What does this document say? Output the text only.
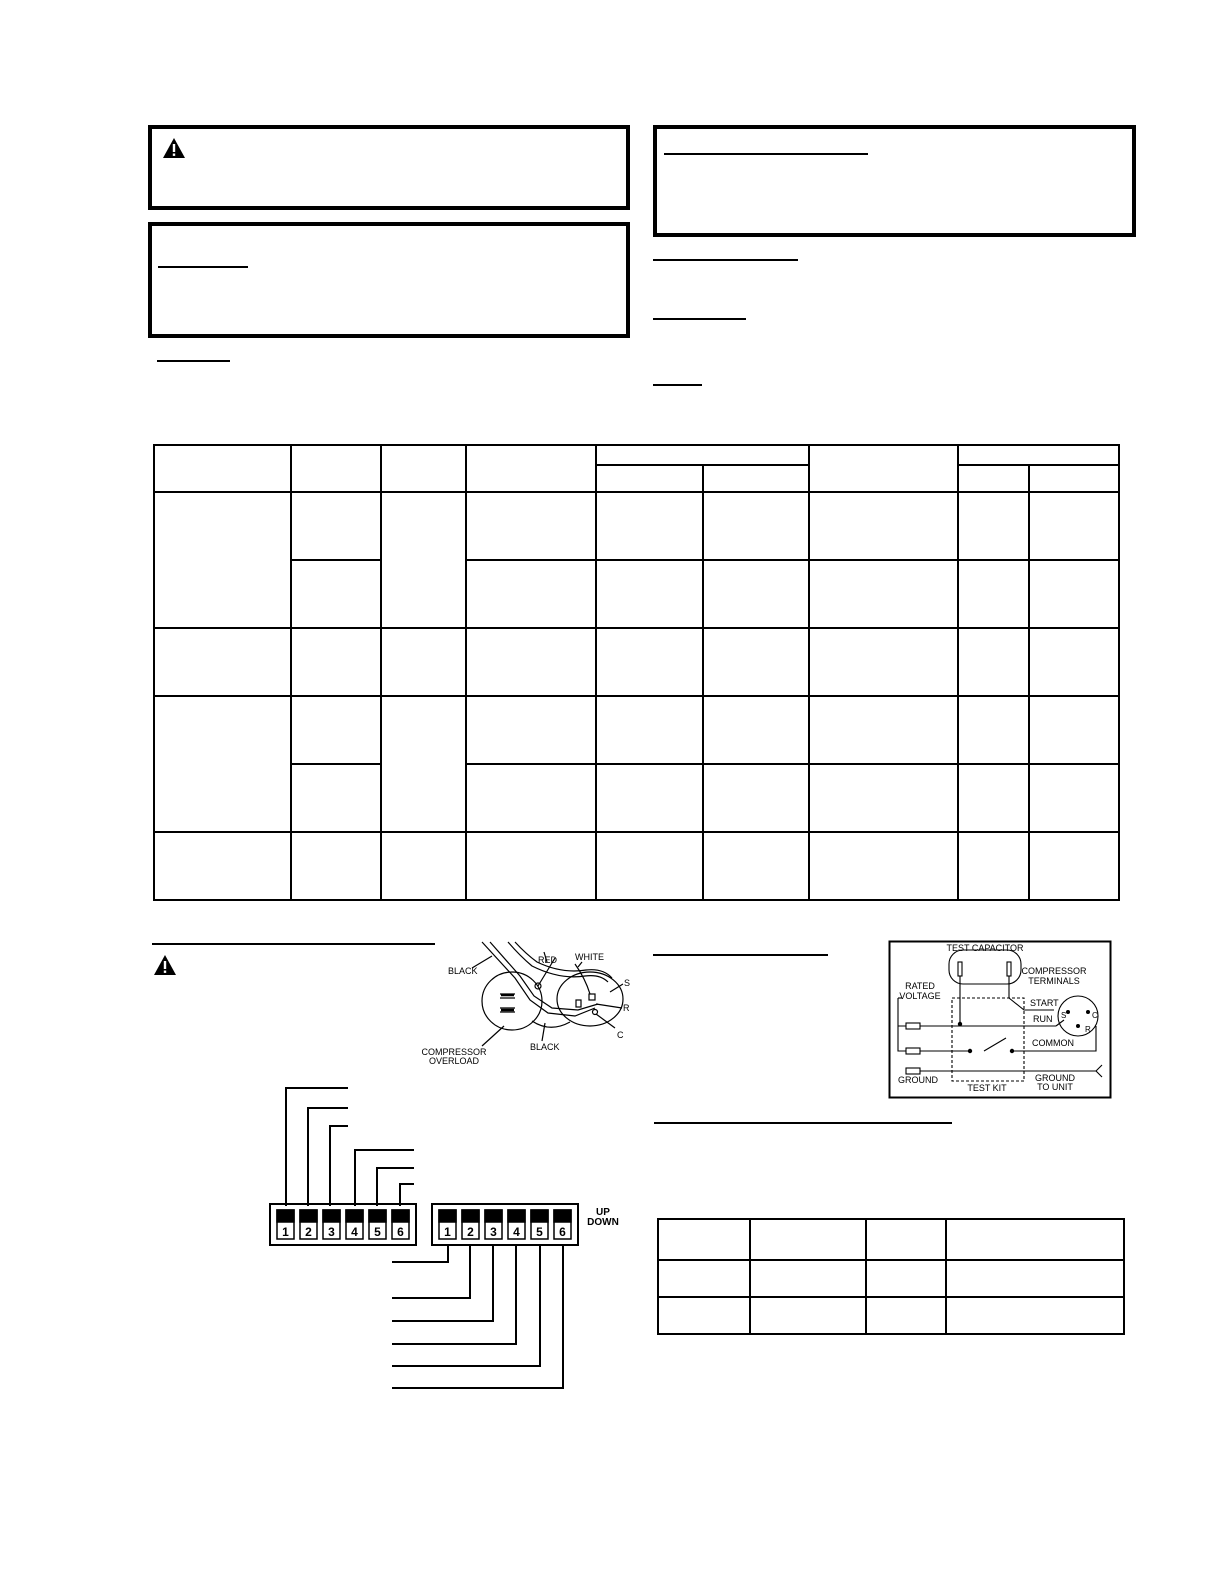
BLACK
RED WHITE
S
R
C
BLACK
COMPRESSOR
OVERLOAD
1 2 3 4 5 6	1 2 3 4 5 6
UP
DOWN
TEST CAPACITOR
COMPRESSOR
TERMINALS
RATED
VOLTAGE
START
RUN
COMMON
GROUND
TEST KIT
GROUND
TO UNIT
S
R
C
